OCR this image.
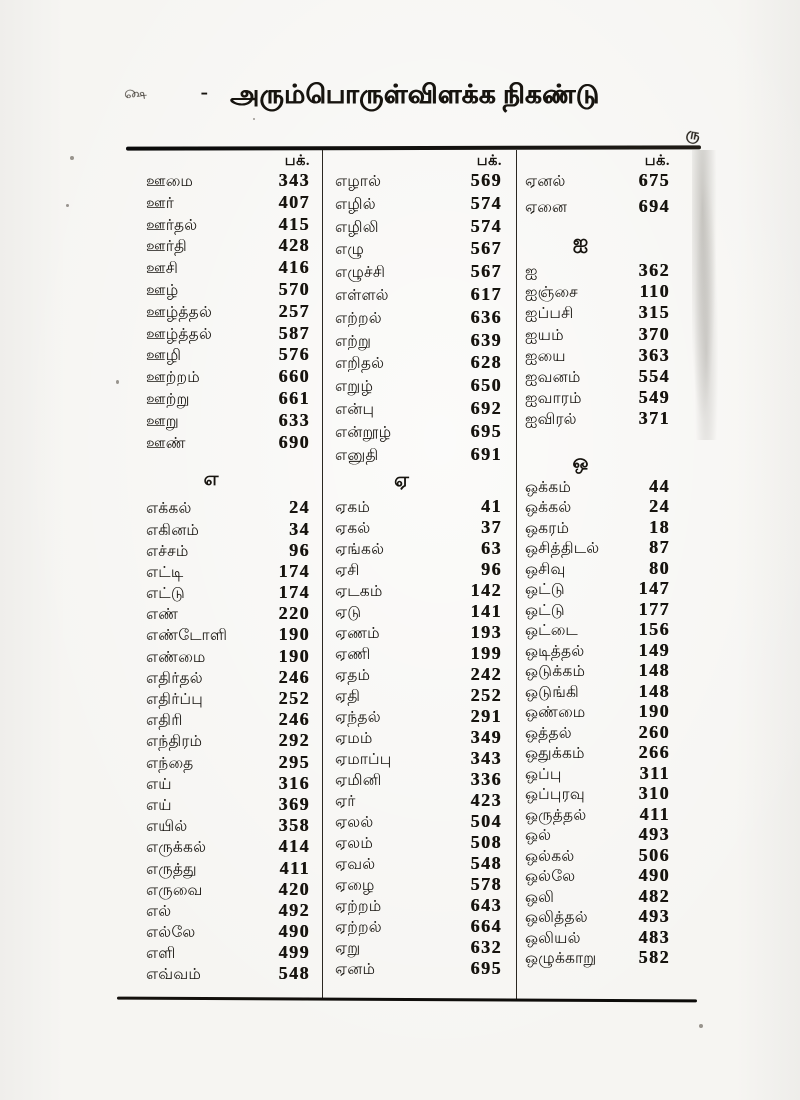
௸ - அரும்பொருள்விளக்க நிகண்டு
ரு
பக்.
ஊமை	343
ஊர்	407
ஊர்தல்	415
ஊர்தி	428
ஊசி	416
ஊழ்	570
ஊழ்த்தல்	257
ஊழ்த்தல்	587
ஊழி	576
ஊற்றம்	660
ஊற்று	661
ஊறு	633
ஊண்	690
எ
எக்கல்	24
எகினம்	34
எச்சம்	96
எட்டி	174
எட்டு	174
எண்	220
எண்டோளி	190
எண்மை	190
எதிர்தல்	246
எதிர்ப்பு	252
எதிரி	246
எந்திரம்	292
எந்தை	295
எய்	316
எய்	369
எயில்	358
எருக்கல்	414
எருத்து	411
எருவை	420
எல்	492
எல்லே	490
எளி	499
எவ்வம்	548
பக்.
எழால்	569
எழில்	574
எழிலி	574
எழு	567
எழுச்சி	567
எள்ளல்	617
எற்றல்	636
எற்று	639
எறிதல்	628
எறுழ்	650
என்பு	692
என்றூழ்	695
எனுதி	691
ஏ
ஏகம்	41
ஏகல்	37
ஏங்கல்	63
ஏசி	96
ஏடகம்	142
ஏடு	141
ஏணம்	193
ஏணி	199
ஏதம்	242
ஏதி	252
ஏந்தல்	291
ஏமம்	349
ஏமாப்பு	343
ஏமினி	336
ஏர்	423
ஏலல்	504
ஏலம்	508
ஏவல்	548
ஏழை	578
ஏற்றம்	643
ஏற்றல்	664
ஏறு	632
ஏனம்	695
பக்.
ஏனல்	675
ஏனை	694
ஐ
ஐ	362
ஐஞ்சை	110
ஐப்பசி	315
ஐயம்	370
ஐயை	363
ஐவனம்	554
ஐவாரம்	549
ஐவிரல்	371
ஒ
ஒக்கம்	44
ஒக்கல்	24
ஒகரம்	18
ஒசித்திடல்	87
ஒசிவு	80
ஒட்டு	147
ஒட்டு	177
ஒட்டை	156
ஒடித்தல்	149
ஒடுக்கம்	148
ஒடுங்கி	148
ஒண்மை	190
ஒத்தல்	260
ஒதுக்கம்	266
ஒப்பு	311
ஒப்புரவு	310
ஒருத்தல்	411
ஒல்	493
ஒல்கல்	506
ஒல்லே	490
ஒலி	482
ஒலித்தல்	493
ஒலியல்	483
ஒழுக்காறு 582
